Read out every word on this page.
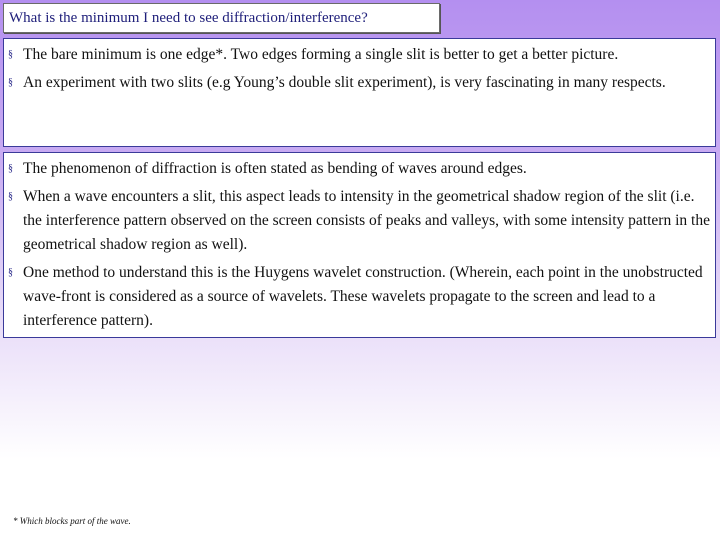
What is the minimum I need to see diffraction/interference?
§ The bare minimum is one edge*. Two edges forming a single slit is better to get a better picture.
§ An experiment with two slits (e.g Young’s double slit experiment), is very fascinating in many respects.
§ The phenomenon of diffraction is often stated as bending of waves around edges.
§ When a wave encounters a slit, this aspect leads to intensity in the geometrical shadow region of the slit (i.e. the interference pattern observed on the screen consists of peaks and valleys, with some intensity pattern in the geometrical shadow region as well).
§ One method to understand this is the Huygens wavelet construction. (Wherein, each point in the unobstructed wave-front is considered as a source of wavelets. These wavelets propagate to the screen and lead to a interference pattern).
* Which blocks part of the wave.
